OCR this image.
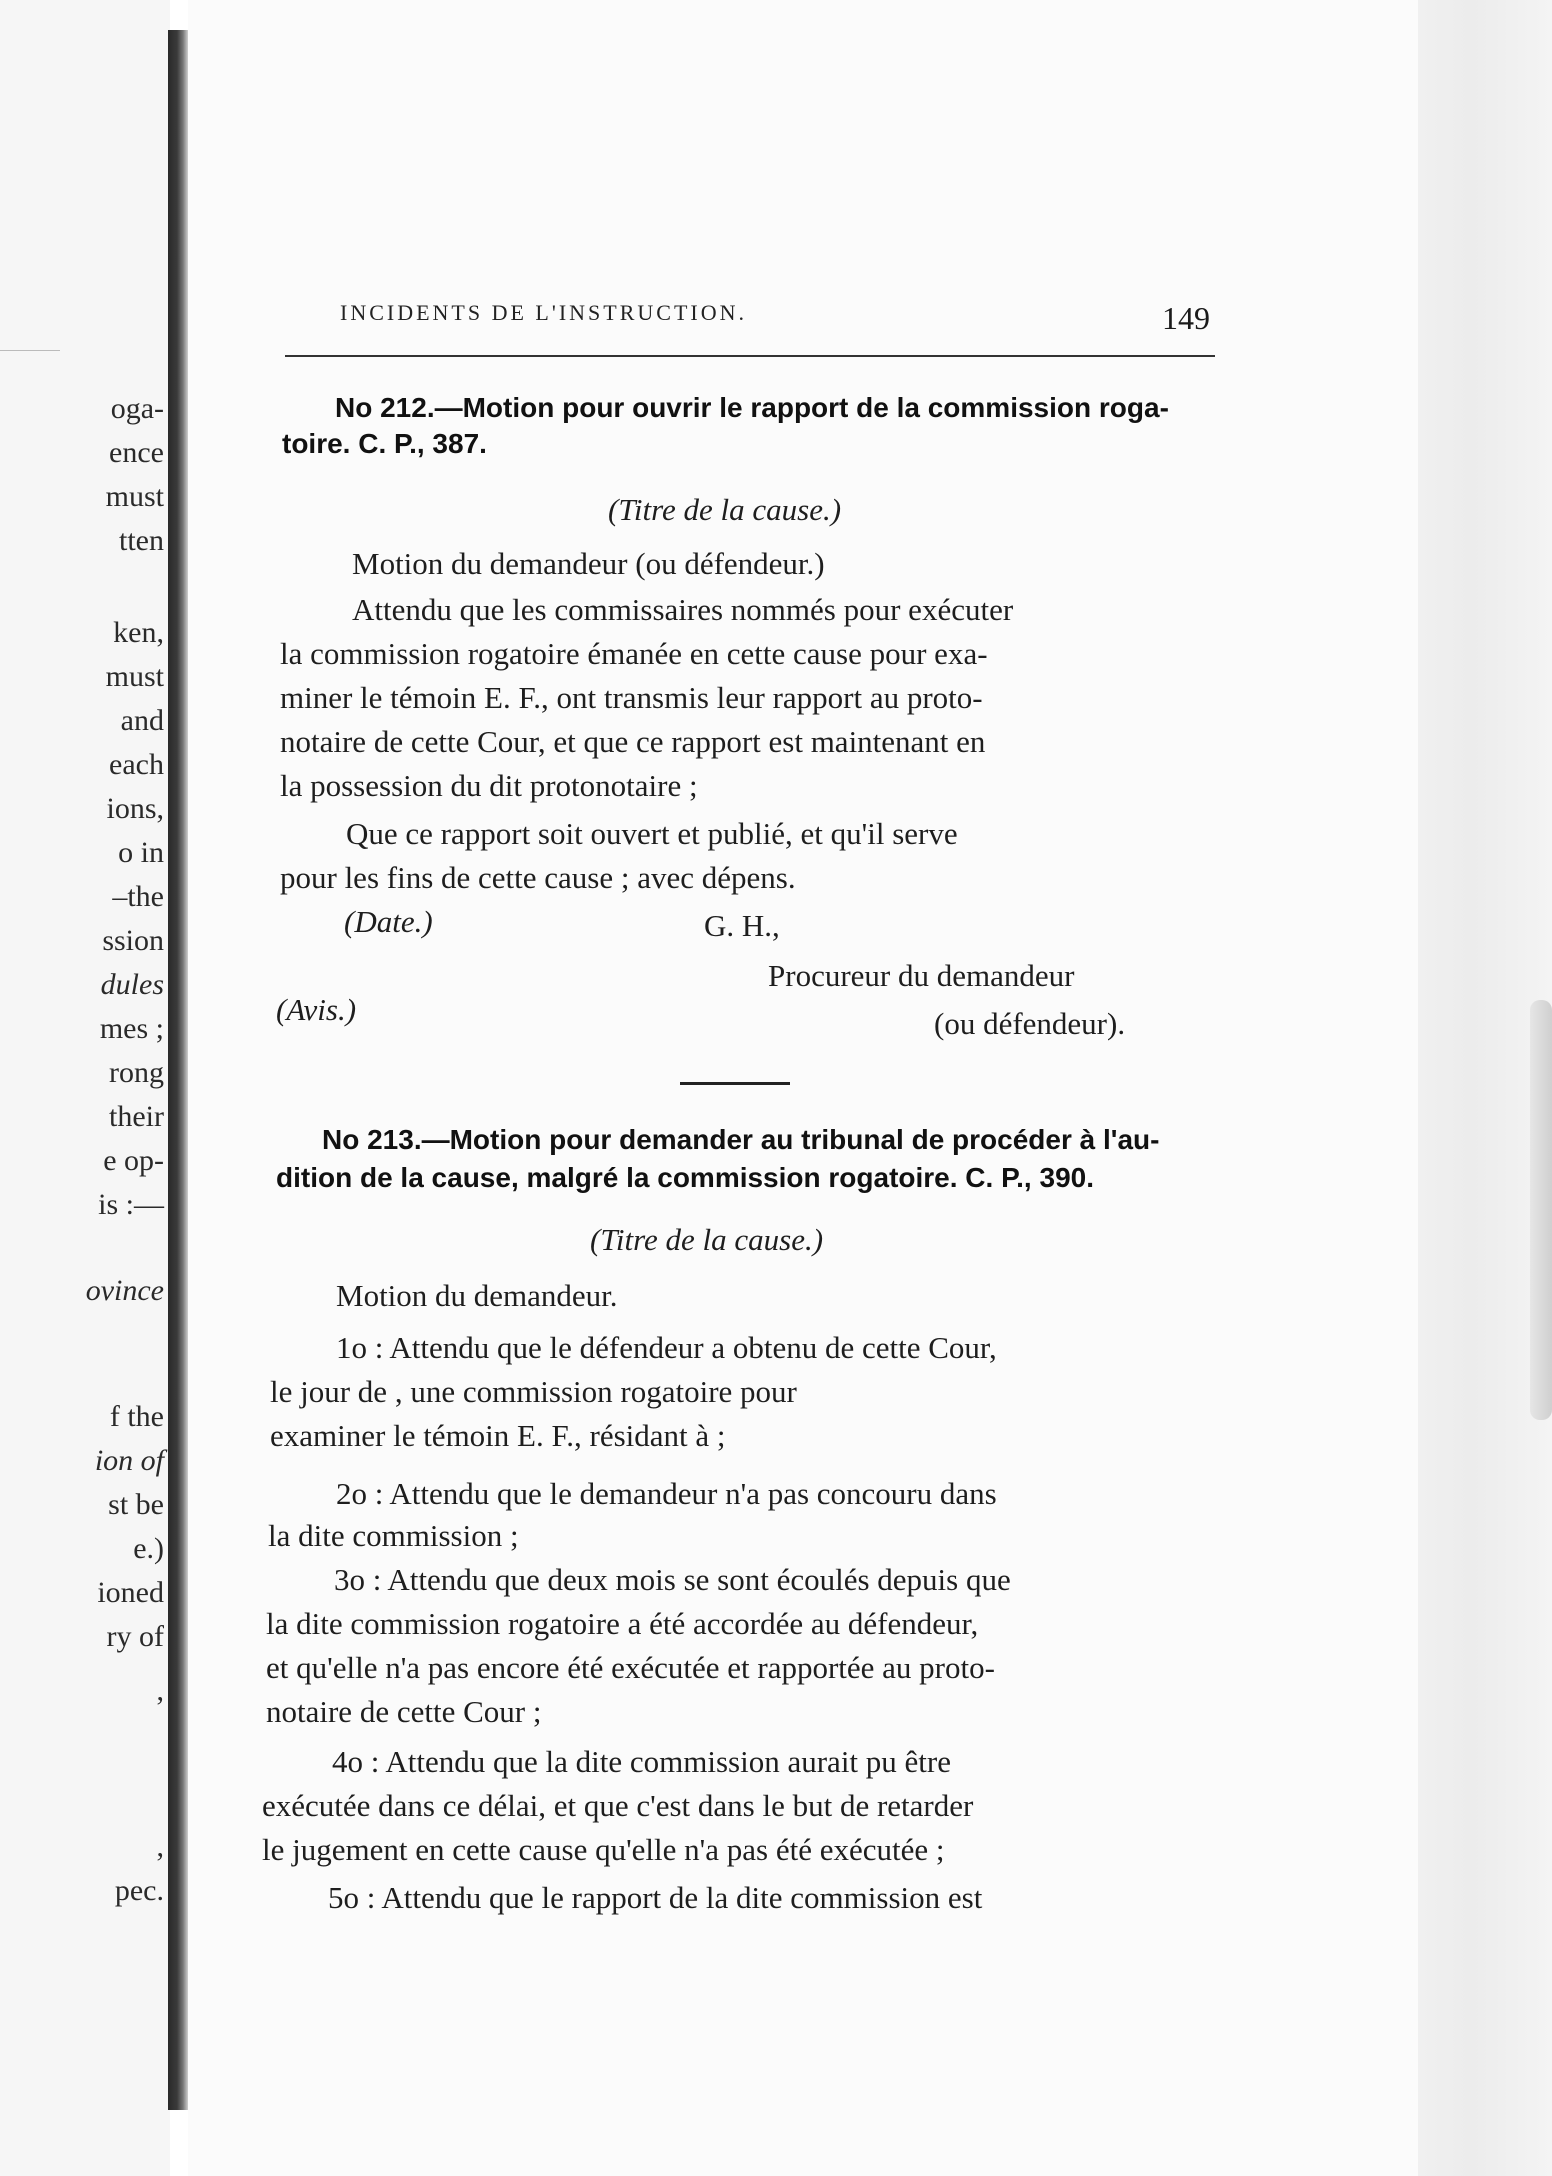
oga-
ence
must
tten
ken,
must
and
each
ions,
o in
–the
ssion
dules
mes ;
rong
their
e op-
is :—
ovince
f the
ion of
st be
e.)
ioned
ry of
,
,
pec.
INCIDENTS DE L'INSTRUCTION.	149
No 212.—Motion pour ouvrir le rapport de la commission roga-
toire. C. P., 387.
(Titre de la cause.)
Motion du demandeur (ou défendeur.)
Attendu que les commissaires nommés pour exécuter
la commission rogatoire émanée en cette cause pour exa-
miner le témoin E. F., ont transmis leur rapport au proto-
notaire de cette Cour, et que ce rapport est maintenant en
la possession du dit protonotaire ;
Que ce rapport soit ouvert et publié, et qu'il serve
pour les fins de cette cause ; avec dépens.
(Date.)	G. H.,
Procureur du demandeur
(Avis.)	(ou défendeur).
No 213.—Motion pour demander au tribunal de procéder à l'au-
dition de la cause, malgré la commission rogatoire. C. P., 390.
(Titre de la cause.)
Motion du demandeur.
1o : Attendu que le défendeur a obtenu de cette Cour,
le jour de , une commission rogatoire pour
examiner le témoin E. F., résidant à ;
2o : Attendu que le demandeur n'a pas concouru dans
la dite commission ;
3o : Attendu que deux mois se sont écoulés depuis que
la dite commission rogatoire a été accordée au défendeur,
et qu'elle n'a pas encore été exécutée et rapportée au proto-
notaire de cette Cour ;
4o : Attendu que la dite commission aurait pu être
exécutée dans ce délai, et que c'est dans le but de retarder
le jugement en cette cause qu'elle n'a pas été exécutée ;
5o : Attendu que le rapport de la dite commission est
